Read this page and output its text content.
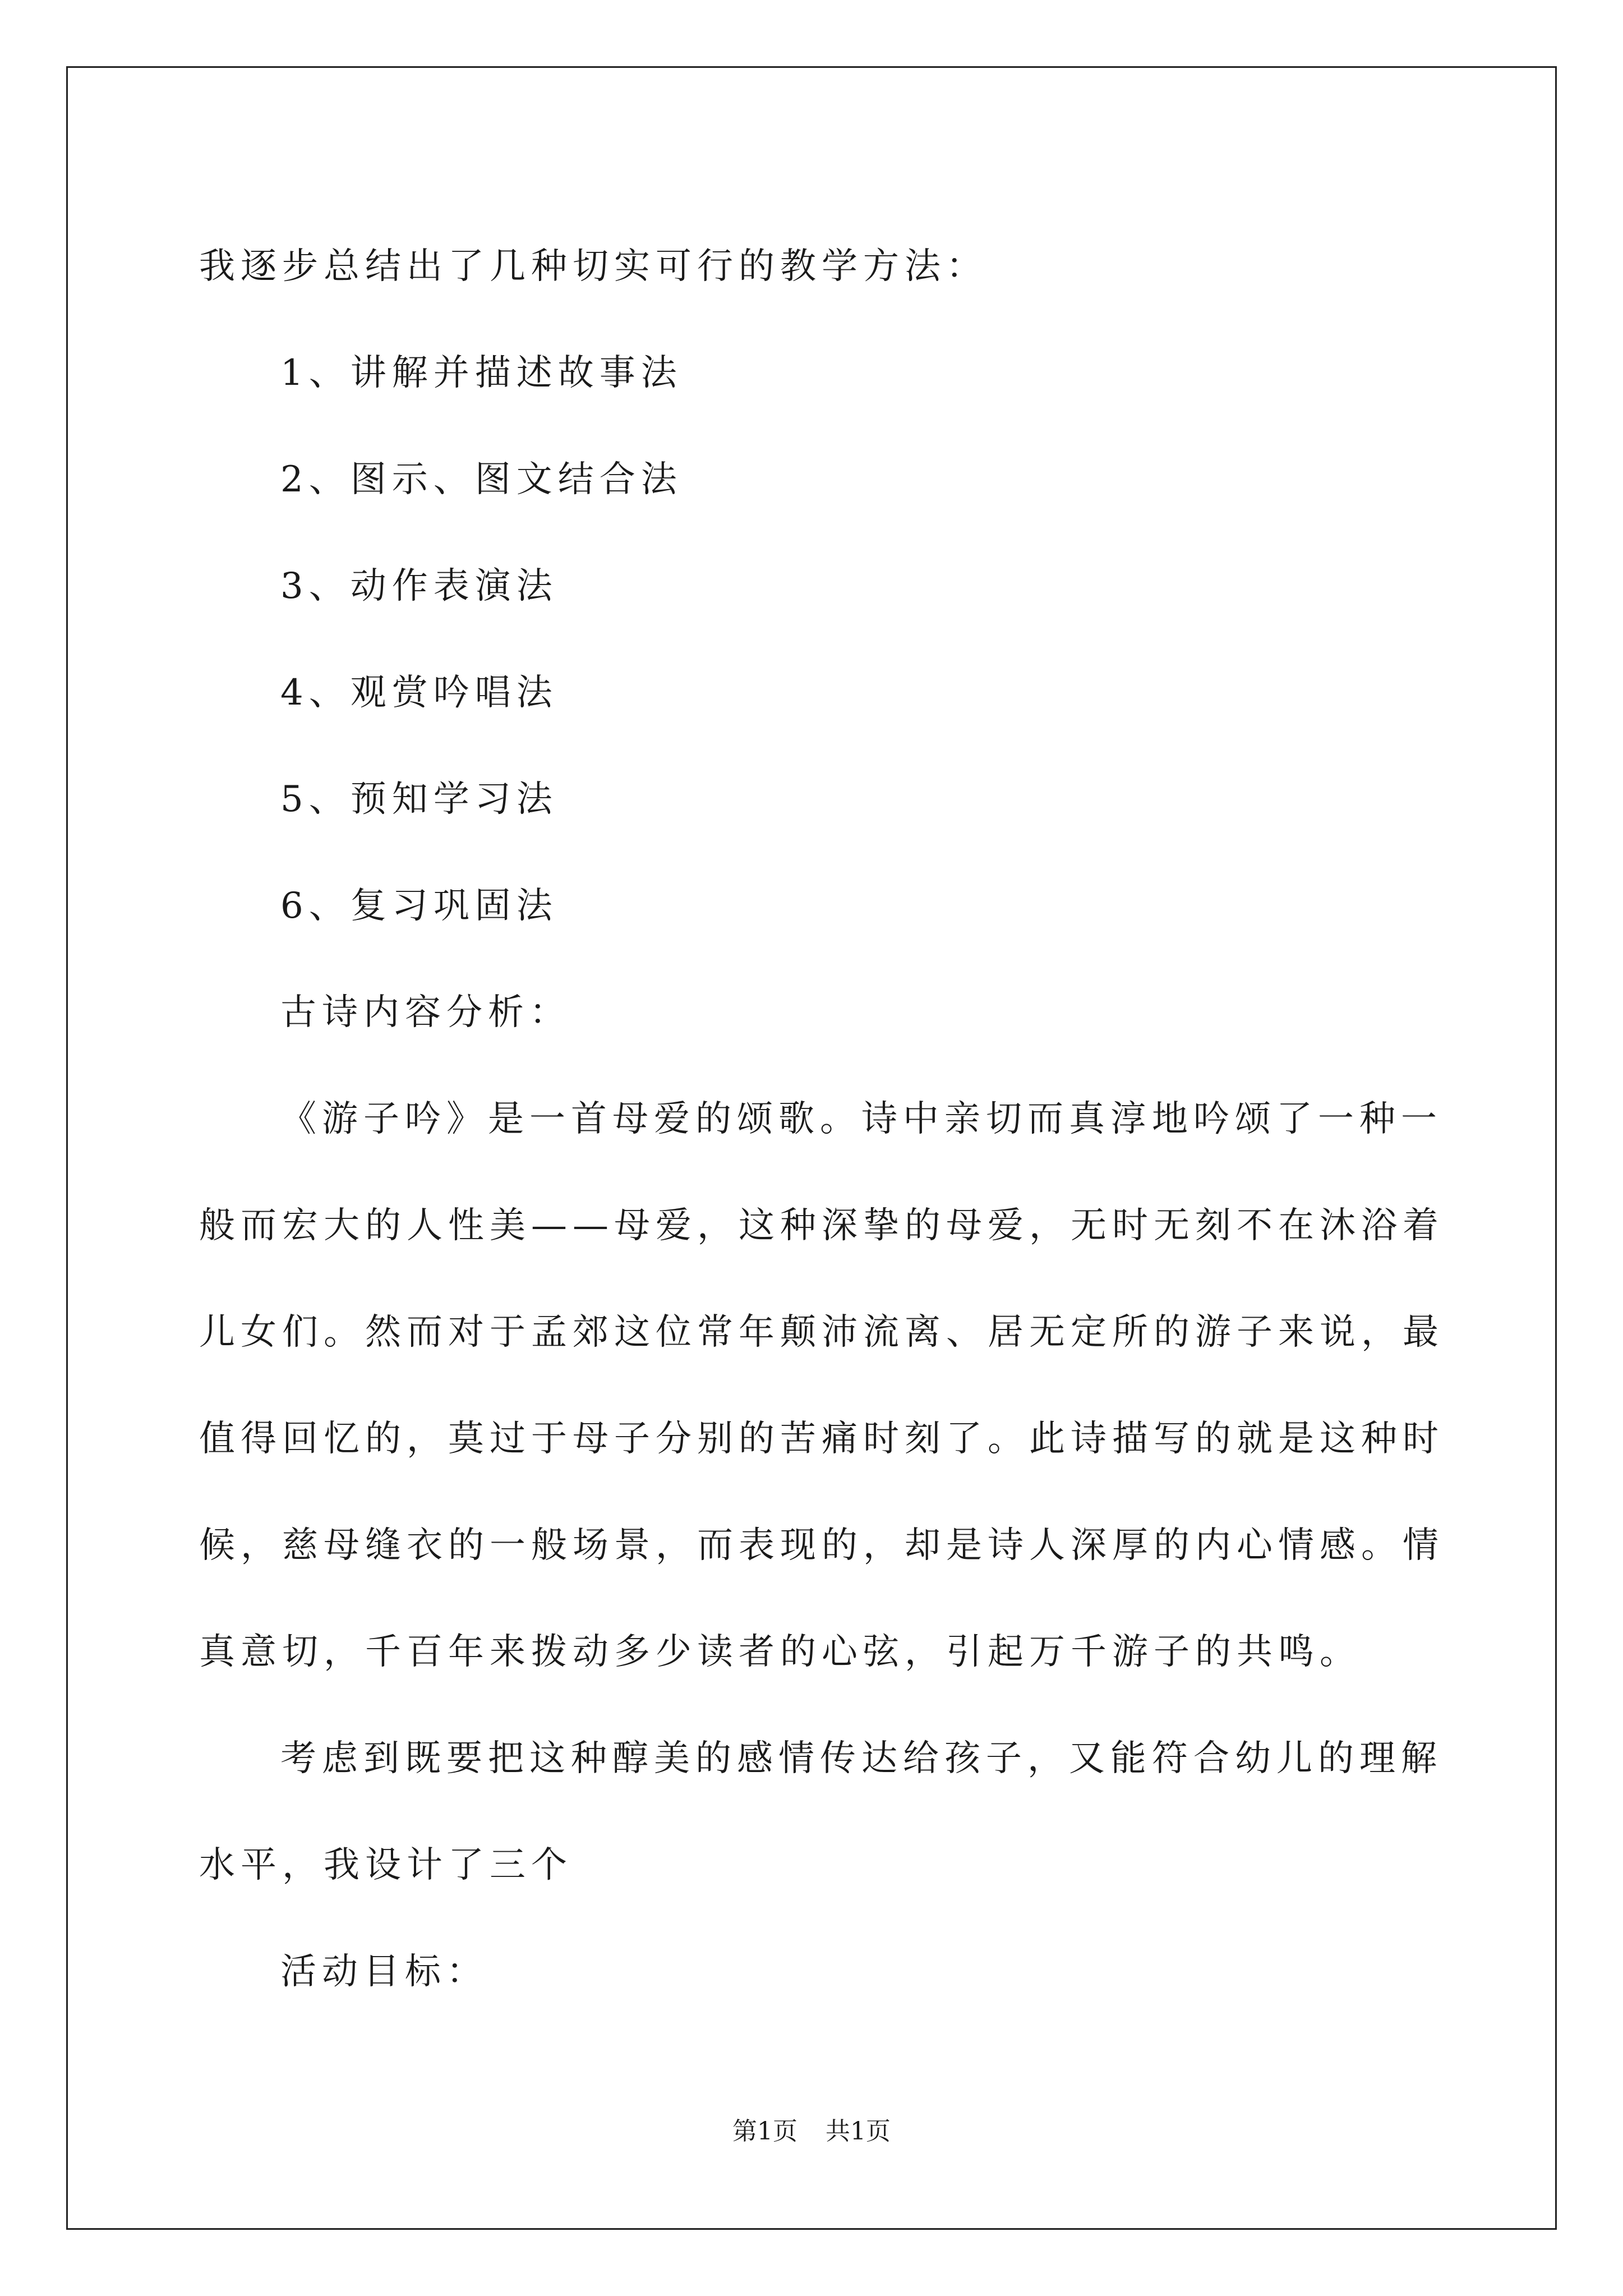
我逐步总结出了几种切实可行的教学方法：
1、讲解并描述故事法
2、图示、图文结合法
3、动作表演法
4、观赏吟唱法
5、预知学习法
6、复习巩固法
古诗内容分析：
《游子吟》是一首母爱的颂歌。诗中亲切而真淳地吟颂了一种一
般而宏大的人性美——母爱，这种深挚的母爱，无时无刻不在沐浴着
儿女们。然而对于孟郊这位常年颠沛流离、居无定所的游子来说，最
值得回忆的，莫过于母子分别的苦痛时刻了。此诗描写的就是这种时
候，慈母缝衣的一般场景，而表现的，却是诗人深厚的内心情感。情
真意切，千百年来拨动多少读者的心弦，引起万千游子的共鸣。
考虑到既要把这种醇美的感情传达给孩子，又能符合幼儿的理解
水平，我设计了三个
活动目标：
第1页 共1页
